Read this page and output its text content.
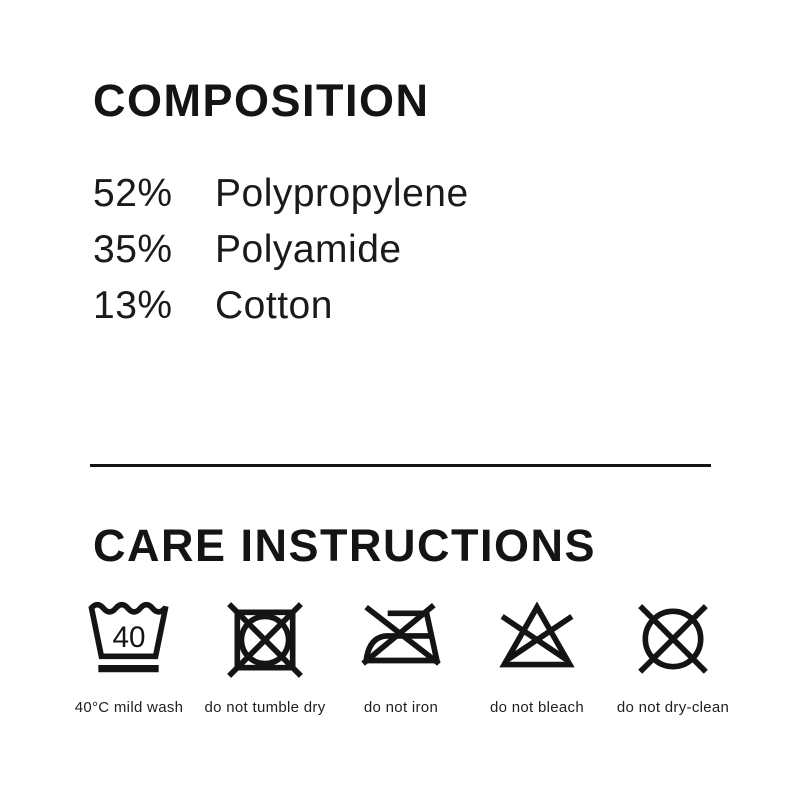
COMPOSITION
52%	Polypropylene
35%	Polyamide
13%	Cotton
CARE INSTRUCTIONS
40
40°C mild wash do not tumble dry	do not iron	do not bleach do not dry-clean
